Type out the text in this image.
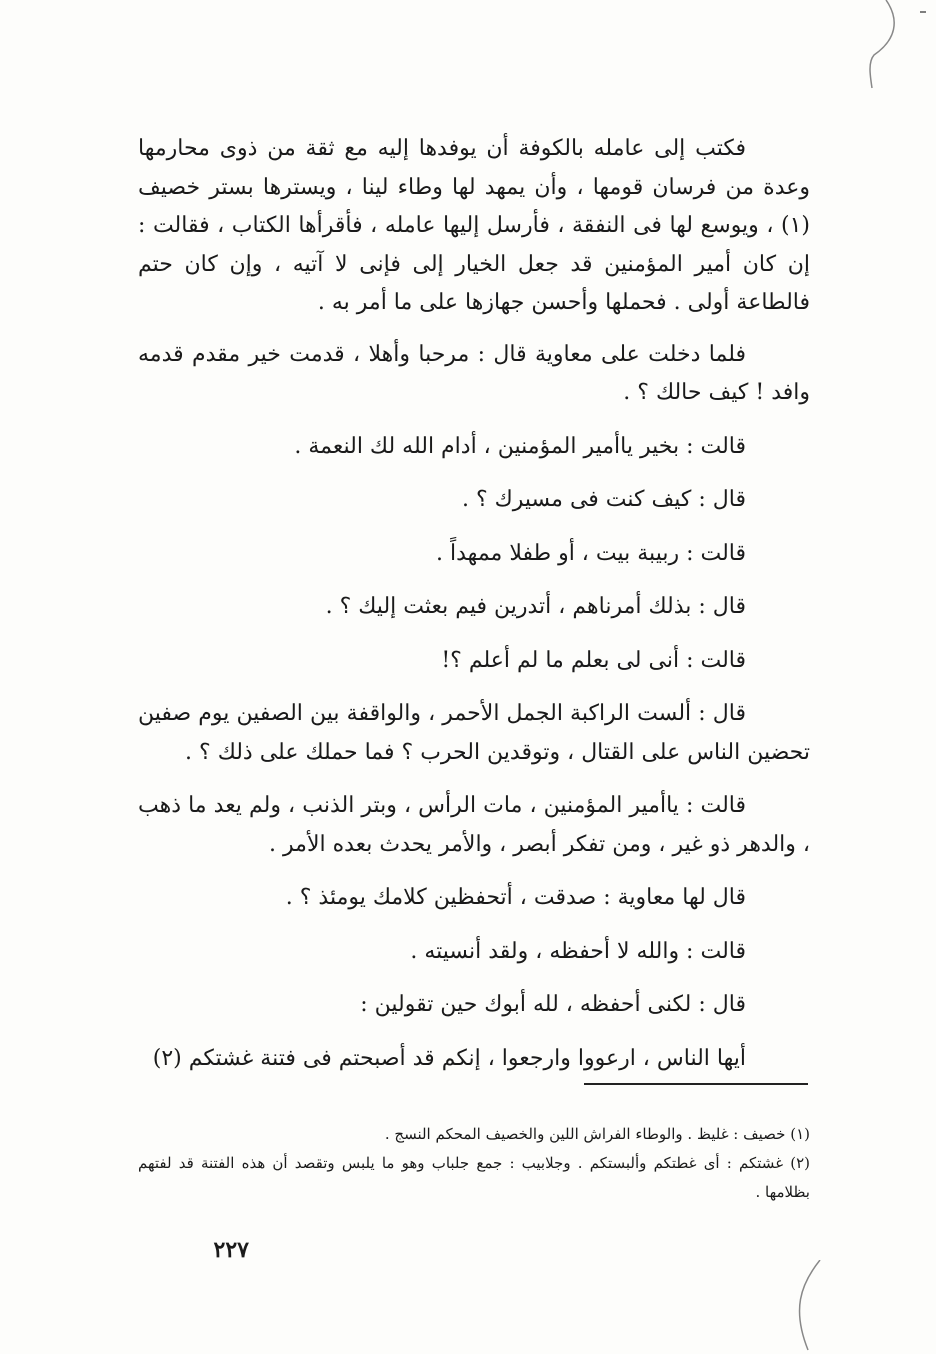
فكتب إلى عامله بالكوفة أن يوفدها إليه مع ثقة من ذوى محارمها وعدة من فرسان قومها ، وأن يمهد لها وطاء لينا ، ويسترها بستر خصيف (١) ، ويوسع لها فى النفقة ، فأرسل إليها عامله ، فأقرأها الكتاب ، فقالت : إن كان أمير المؤمنين قد جعل الخيار إلى فإنى لا آتيه ، وإن كان حتم فالطاعة أولى . فحملها وأحسن جهازها على ما أمر به .

فلما دخلت على معاوية قال : مرحبا وأهلا ، قدمت خير مقدم قدمه وافد ! كيف حالك ؟ .

قالت : بخير ياأمير المؤمنين ، أدام الله لك النعمة .

قال : كيف كنت فى مسيرك ؟ .

قالت : ربيبة بيت ، أو طفلا ممهداً .

قال : بذلك أمرناهم ، أتدرين فيم بعثت إليك ؟ .

قالت : أنى لى بعلم ما لم أعلم ؟!

قال : ألست الراكبة الجمل الأحمر ، والواقفة بين الصفين يوم صفين تحضين الناس على القتال ، وتوقدين الحرب ؟ فما حملك على ذلك ؟ .

قالت : ياأمير المؤمنين ، مات الرأس ، وبتر الذنب ، ولم يعد ما ذهب ، والدهر ذو غير ، ومن تفكر أبصر ، والأمر يحدث بعده الأمر .

قال لها معاوية : صدقت ، أتحفظين كلامك يومئذ ؟ .

قالت : والله لا أحفظه ، ولقد أنسيته .

قال : لكنى أحفظه ، لله أبوك حين تقولين :

أيها الناس ، ارعووا وارجعوا ، إنكم قد أصبحتم فى فتنة غشتكم (٢)

(١) خصيف : غليظ . والوطاء الفراش اللين والخصيف المحكم النسج .

(٢) غشتكم : أى غطتكم وألبستكم . وجلابيب : جمع جلباب وهو ما يلبس وتقصد أن هذه الفتنة قد لفتهم بظلامها .

٢٢٧
